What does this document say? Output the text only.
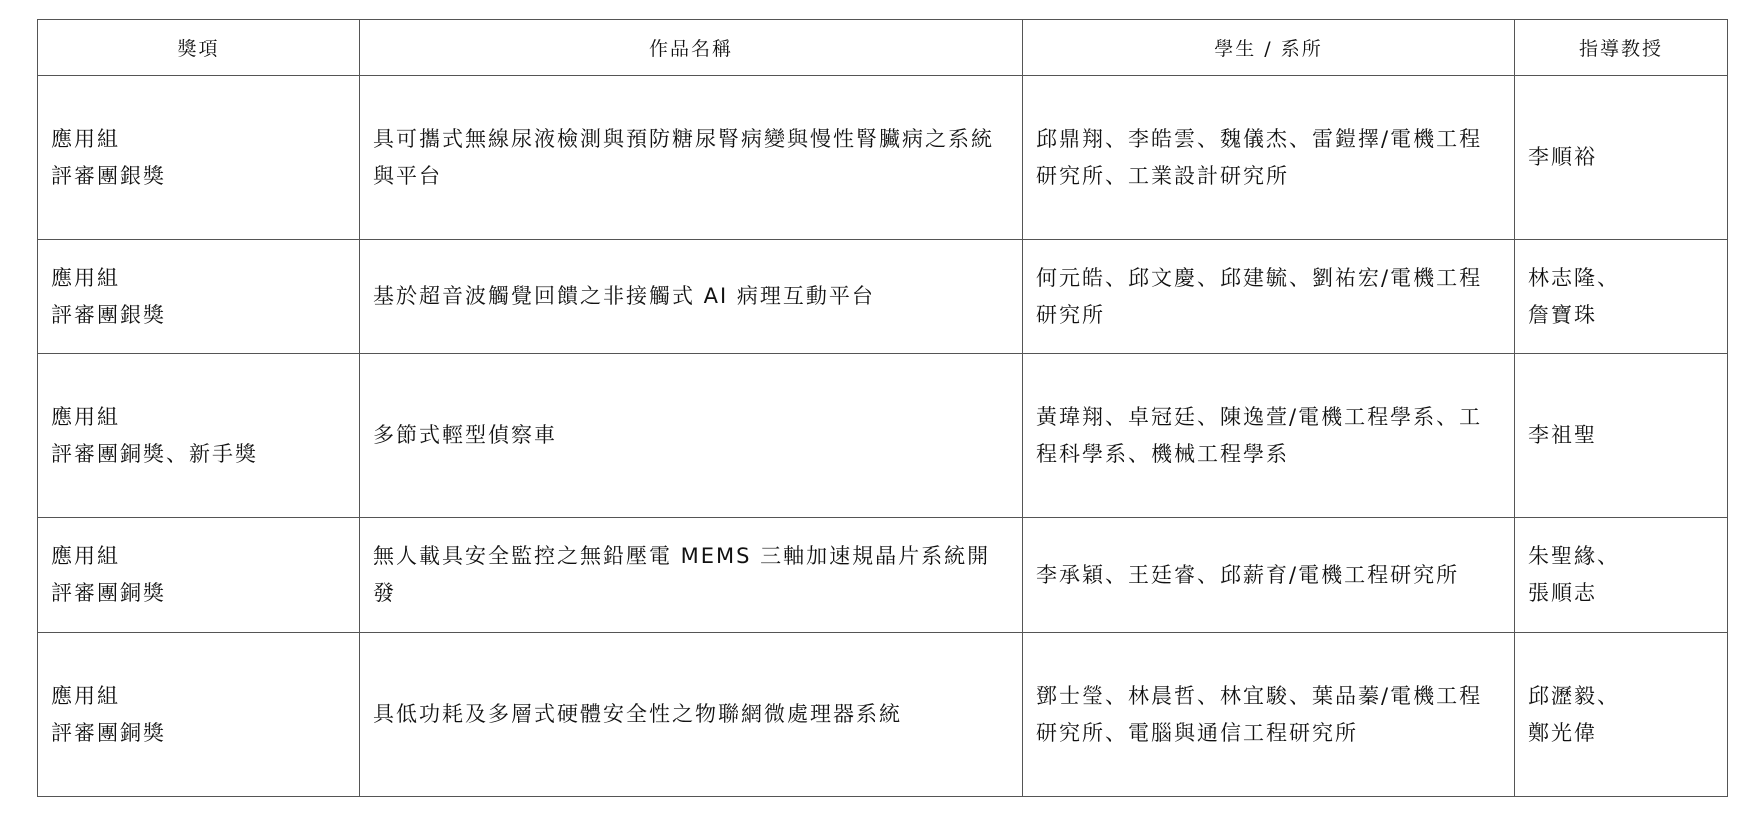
獎項	作品名稱	學生 / 系所	指導教授

應用組
評審團銀獎	具可攜式無線尿液檢測與預防糖尿腎病變與慢性腎臟病之系統與平台	邱鼎翔、李皓雲、魏儀杰、雷鎧擇/電機工程研究所、工業設計研究所	李順裕

應用組
評審團銀獎	基於超音波觸覺回饋之非接觸式 AI 病理互動平台	何元皓、邱文慶、邱建毓、劉祐宏/電機工程研究所	林志隆、
詹寶珠

應用組
評審團銅獎、新手獎	多節式輕型偵察車	黃瑋翔、卓冠廷、陳逸萱/電機工程學系、工程科學系、機械工程學系	李祖聖

應用組
評審團銅獎	無人載具安全監控之無鉛壓電 MEMS 三軸加速規晶片系統開發	李承穎、王廷睿、邱薪育/電機工程研究所	朱聖緣、
張順志

應用組
評審團銅獎	具低功耗及多層式硬體安全性之物聯網微處理器系統	鄧士瑩、林晨哲、林宜駿、葉品蓁/電機工程研究所、電腦與通信工程研究所	邱瀝毅、
鄭光偉
